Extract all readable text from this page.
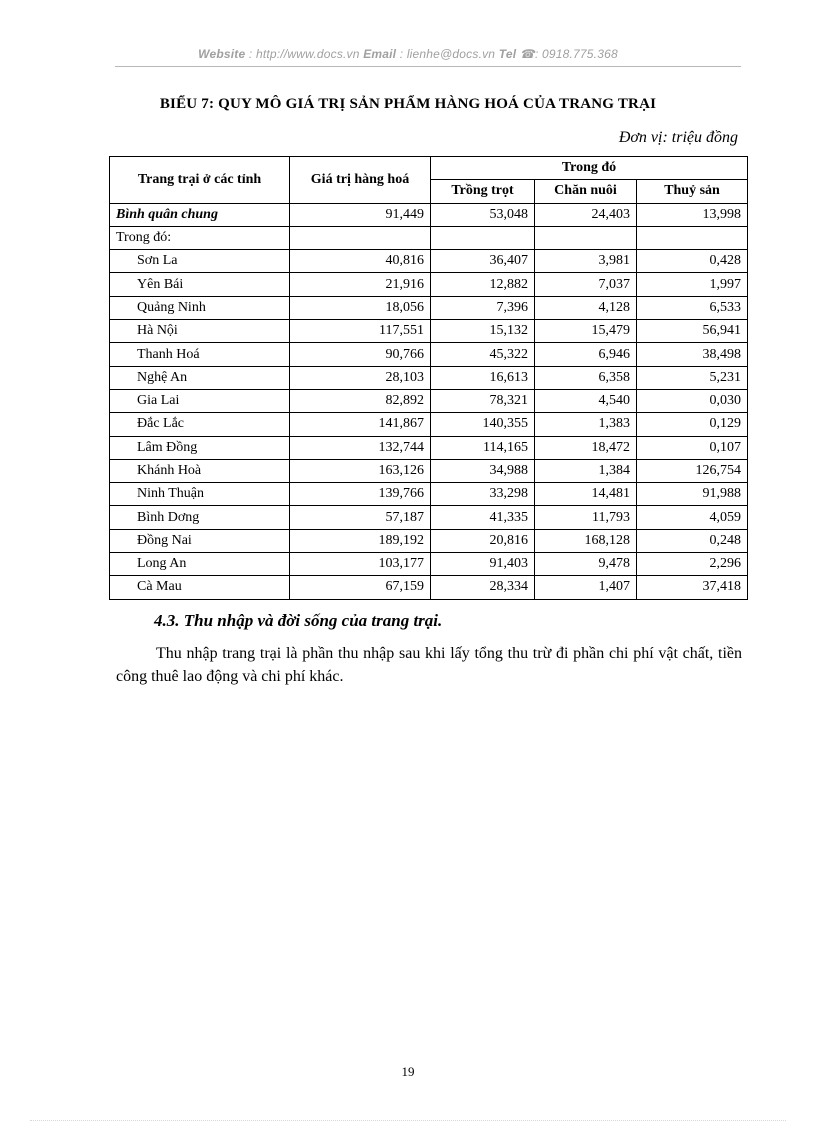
Website : http://www.docs.vn Email : lienhe@docs.vn Tel ☎: 0918.775.368
BIỂU 7: QUY MÔ GIÁ TRỊ SẢN PHẨM HÀNG HOÁ CỦA TRANG TRẠI
Đơn vị: triệu đồng
Trang trại ở các tỉnh	Giá trị hàng hoá	Trong đó		
		Trồng trọt	Chăn nuôi	Thuỷ sản
Bình quân chung	91,449	53,048	24,403	13,998
Trong đó:				
Sơn La	40,816	36,407	3,981	0,428
Yên Bái	21,916	12,882	7,037	1,997
Quảng Ninh	18,056	7,396	4,128	6,533
Hà Nội	117,551	15,132	15,479	56,941
Thanh Hoá	90,766	45,322	6,946	38,498
Nghệ An	28,103	16,613	6,358	5,231
Gia Lai	82,892	78,321	4,540	0,030
Đắc Lắc	141,867	140,355	1,383	0,129
Lâm Đồng	132,744	114,165	18,472	0,107
Khánh Hoà	163,126	34,988	1,384	126,754
Ninh Thuận	139,766	33,298	14,481	91,988
Bình Dơng	57,187	41,335	11,793	4,059
Đồng Nai	189,192	20,816	168,128	0,248
Long An	103,177	91,403	9,478	2,296
Cà Mau	67,159	28,334	1,407	37,418
4.3. Thu nhập và đời sống của trang trại.
Thu nhập trang trại là phần thu nhập sau khi lấy tổng thu trừ đi phần chi phí vật chất, tiền công thuê lao động và chi phí khác.
19
